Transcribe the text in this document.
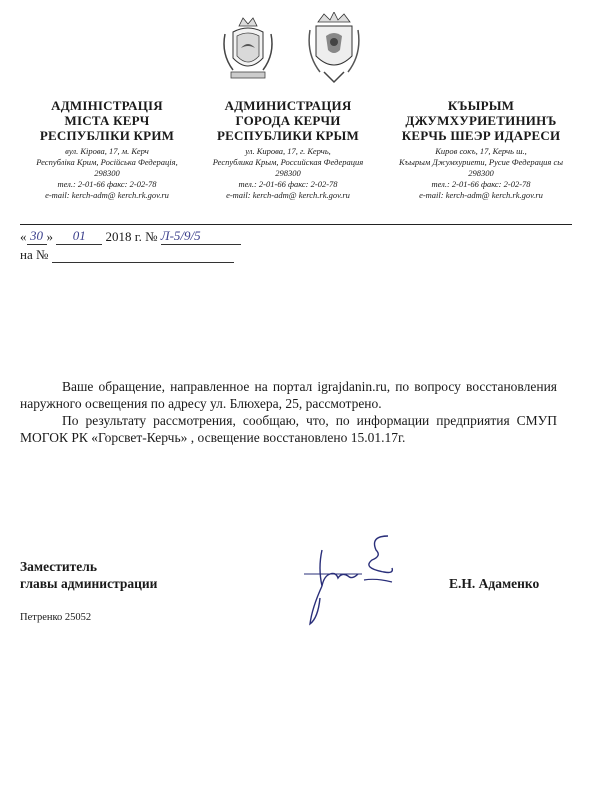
АДМІНІСТРАЦІЯ
МІСТА КЕРЧ
РЕСПУБЛІКИ КРИМ
вул. Кірова, 17, м. Керч
Республіка Крим, Російська Федерація,
298300
тел.: 2-01-66 факс: 2-02-78
e-mail: kerch-adm@ kerch.rk.gov.ru
АДМИНИСТРАЦИЯ
ГОРОДА КЕРЧИ
РЕСПУБЛИКИ КРЫМ
ул. Кирова, 17, г. Керчь,
Республика Крым, Российская Федерация
298300
тел.: 2-01-66 факс: 2-02-78
e-mail: kerch-adm@ kerch.rk.gov.ru
КЪЫРЫМ
ДЖУМХУРИЕТИНИНЪ
КЕРЧЬ ШЕЭР ИДАРЕСИ
Киров сокъ, 17, Керчь ш.,
Къырым Джумхуриети, Русие Федерация сы
298300
тел.: 2-01-66 факс: 2-02-78
e-mail: kerch-adm@ kerch.rk.gov.ru
« 30 » 01 2018 г. № Л-5/9/5
на №

Ваше обращение, направленное на портал igrajdanin.ru, по вопросу восстановления наружного освещения по адресу ул. Блюхера, 25, рассмотрено.

По результату рассмотрения, сообщаю, что, по информации предприятия СМУП МОГОК РК «Горсвет-Керчь» , освещение восстановлено 15.01.17г.

Заместитель
главы администрации	Е.Н. Адаменко
Петренко 25052
